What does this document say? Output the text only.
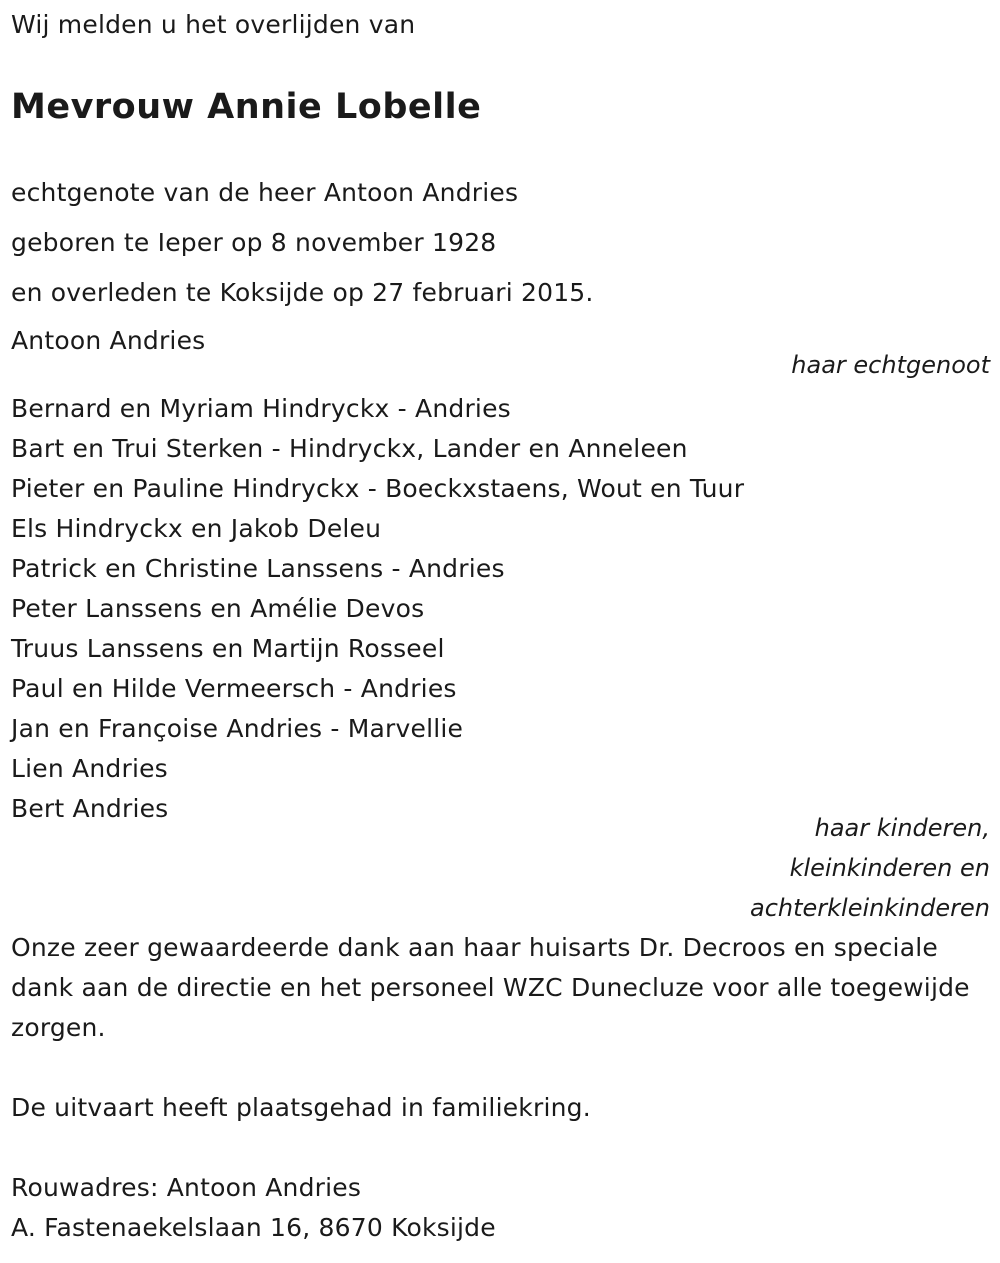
Wij melden u het overlijden van
Mevrouw Annie Lobelle
echtgenote van de heer Antoon Andries
geboren te Ieper op 8 november 1928
en overleden te Koksijde op 27 februari 2015.
Antoon Andries
haar echtgenoot
Bernard en Myriam Hindryckx - Andries
Bart en Trui Sterken - Hindryckx, Lander en Anneleen
Pieter en Pauline Hindryckx - Boeckxstaens, Wout en Tuur
Els Hindryckx en Jakob Deleu
Patrick en Christine Lanssens - Andries
Peter Lanssens en Amélie Devos
Truus Lanssens en Martijn Rosseel
Paul en Hilde Vermeersch - Andries
Jan en Françoise Andries - Marvellie
Lien Andries
Bert Andries
haar kinderen,
kleinkinderen en
achterkleinkinderen
Onze zeer gewaardeerde dank aan haar huisarts Dr. Decroos en speciale dank aan de directie en het personeel WZC Dunecluze voor alle toegewijde zorgen.
De uitvaart heeft plaatsgehad in familiekring.
Rouwadres: Antoon Andries
A. Fastenaekelslaan 16, 8670 Koksijde
